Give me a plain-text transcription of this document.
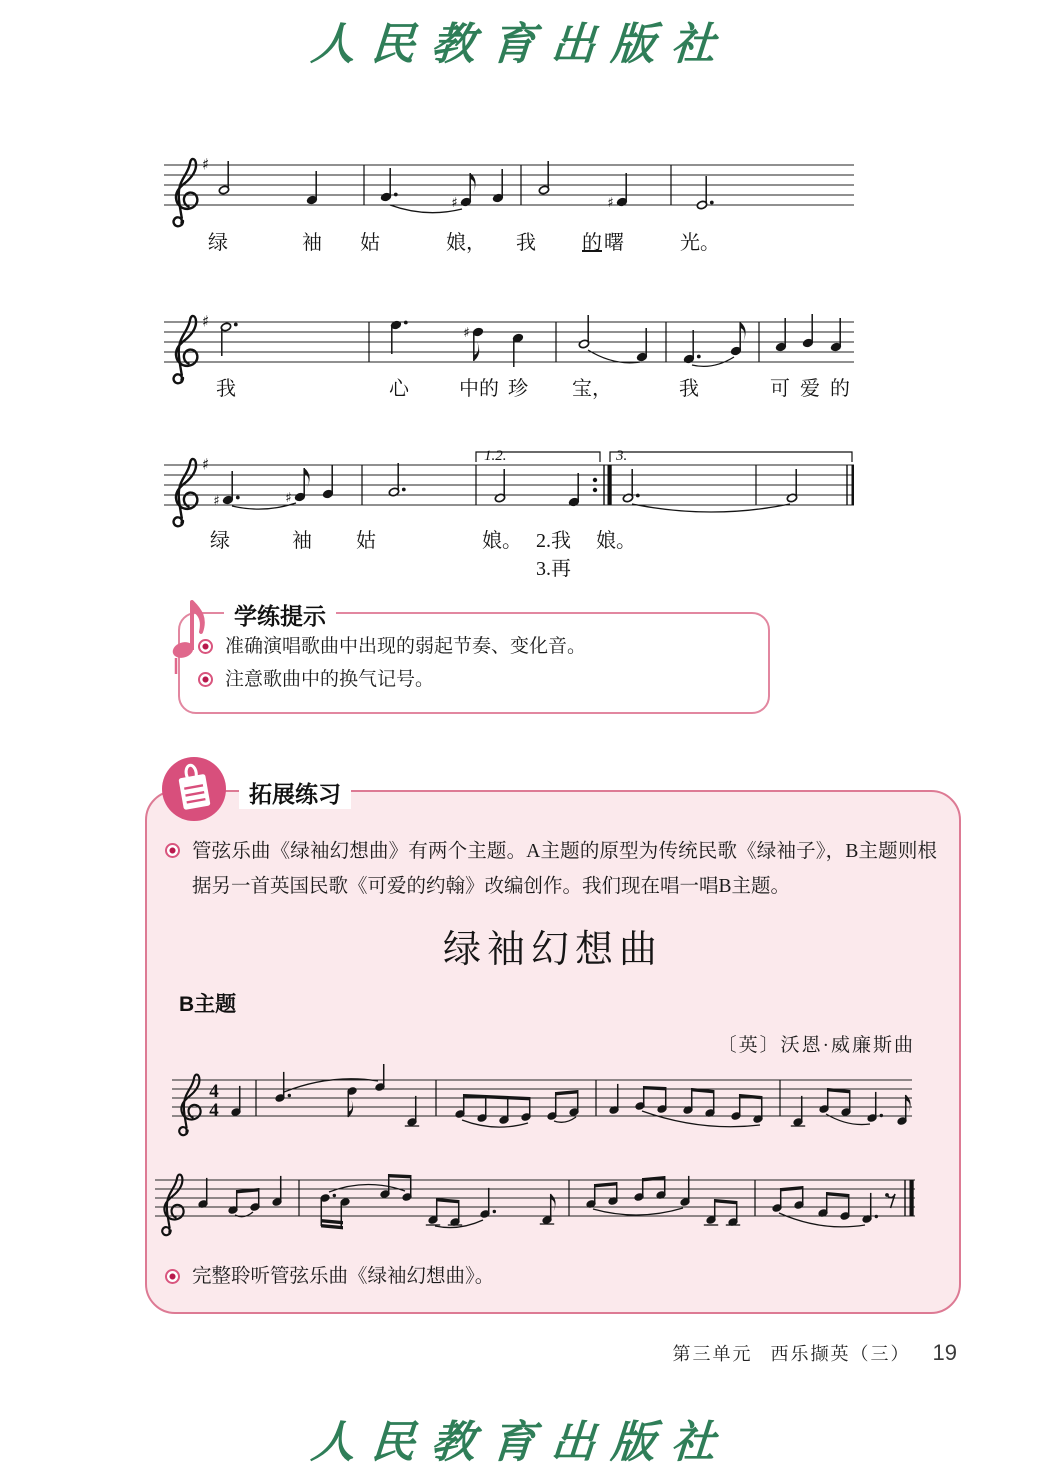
人民教育出版社
♯
♯	♯
绿	袖 姑	娘， 我 的 曙	光。
♯
♯
我	心	中的 珍 宝，	我	可 爱 的
♯
♯	♯
1.2.	3.
绿	袖 姑	娘。 2.我 娘。
3.再
学练提示
准确演唱歌曲中出现的弱起节奏、变化音。
注意歌曲中的换气记号。
拓展练习

管弦乐曲《绿袖幻想曲》有两个主题。A主题的原型为传统民歌《绿袖子》，B主题则根据另一首英国民歌《可爱的约翰》改编创作。我们现在唱一唱B主题。

绿袖幻想曲
B主题
〔英〕沃恩·威廉斯曲
4
4

完整聆听管弦乐曲《绿袖幻想曲》。

第三单元 西乐撷英（三） 19
人民教育出版社
